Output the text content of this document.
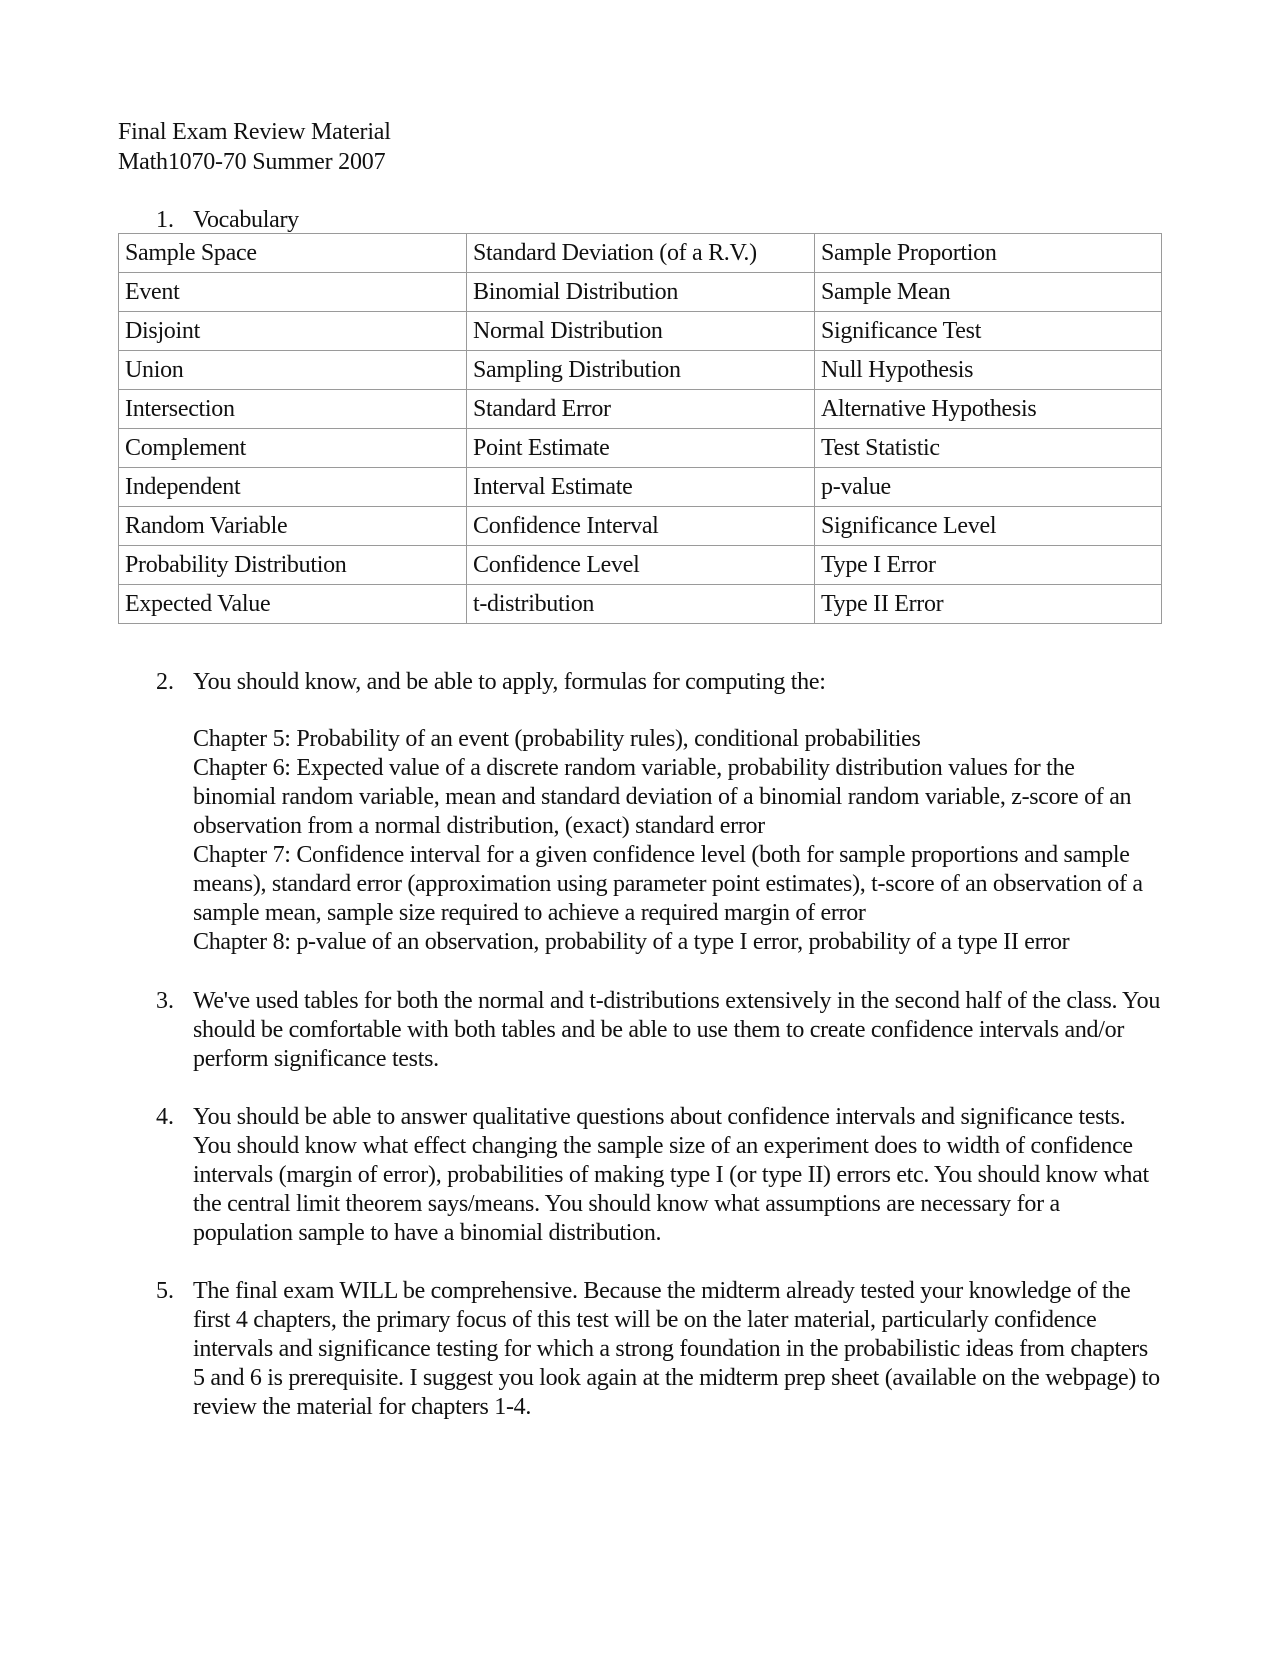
Final Exam Review Material
Math1070-70 Summer 2007
1. Vocabulary
Sample Space	Standard Deviation (of a R.V.)	Sample Proportion
Event	Binomial Distribution	Sample Mean
Disjoint	Normal Distribution	Significance Test
Union	Sampling Distribution	Null Hypothesis
Intersection	Standard Error	Alternative Hypothesis
Complement	Point Estimate	Test Statistic
Independent	Interval Estimate	p-value
Random Variable	Confidence Interval	Significance Level
Probability Distribution	Confidence Level	Type I Error
Expected Value	t-distribution	Type II Error
2. You should know, and be able to apply, formulas for computing the:
Chapter 5: Probability of an event (probability rules), conditional probabilities
Chapter 6: Expected value of a discrete random variable, probability distribution values for the binomial random variable, mean and standard deviation of a binomial random variable, z-score of an observation from a normal distribution, (exact) standard error
Chapter 7: Confidence interval for a given confidence level (both for sample proportions and sample means), standard error (approximation using parameter point estimates), t-score of an observation of a sample mean, sample size required to achieve a required margin of error
Chapter 8: p-value of an observation, probability of a type I error, probability of a type II error
3. We've used tables for both the normal and t-distributions extensively in the second half of the class. You should be comfortable with both tables and be able to use them to create confidence intervals and/or perform significance tests.
4. You should be able to answer qualitative questions about confidence intervals and significance tests. You should know what effect changing the sample size of an experiment does to width of confidence intervals (margin of error), probabilities of making type I (or type II) errors etc. You should know what the central limit theorem says/means. You should know what assumptions are necessary for a population sample to have a binomial distribution.
5. The final exam WILL be comprehensive. Because the midterm already tested your knowledge of the first 4 chapters, the primary focus of this test will be on the later material, particularly confidence intervals and significance testing for which a strong foundation in the probabilistic ideas from chapters 5 and 6 is prerequisite. I suggest you look again at the midterm prep sheet (available on the webpage) to review the material for chapters 1-4.
